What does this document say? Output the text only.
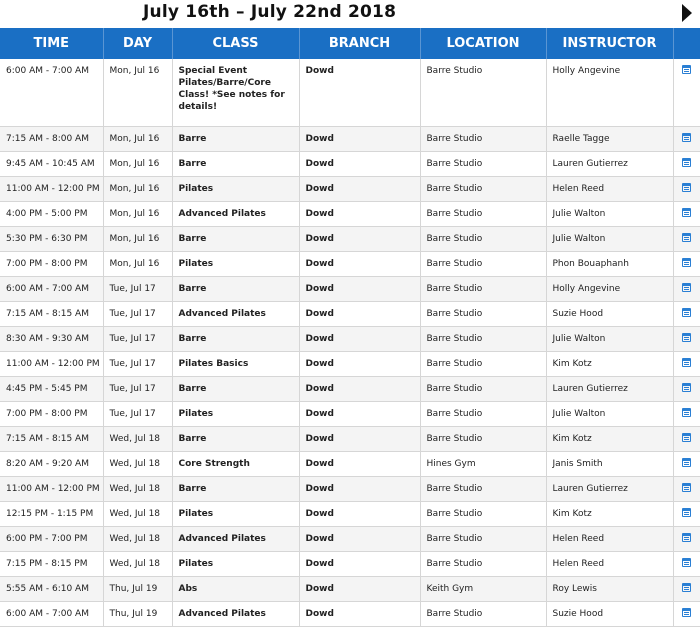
July 16th – July 22nd 2018
TIME	DAY	CLASS	BRANCH	LOCATION	INSTRUCTOR	
6:00 AM - 7:00 AM	Mon, Jul 16	Special Event Pilates/Barre/Core Class! *See notes for details!	Dowd	Barre Studio	Holly Angevine	
7:15 AM - 8:00 AM	Mon, Jul 16	Barre	Dowd	Barre Studio	Raelle Tagge	
9:45 AM - 10:45 AM	Mon, Jul 16	Barre	Dowd	Barre Studio	Lauren Gutierrez	
11:00 AM - 12:00 PM	Mon, Jul 16	Pilates	Dowd	Barre Studio	Helen Reed	
4:00 PM - 5:00 PM	Mon, Jul 16	Advanced Pilates	Dowd	Barre Studio	Julie Walton	
5:30 PM - 6:30 PM	Mon, Jul 16	Barre	Dowd	Barre Studio	Julie Walton	
7:00 PM - 8:00 PM	Mon, Jul 16	Pilates	Dowd	Barre Studio	Phon Bouaphanh	
6:00 AM - 7:00 AM	Tue, Jul 17	Barre	Dowd	Barre Studio	Holly Angevine	
7:15 AM - 8:15 AM	Tue, Jul 17	Advanced Pilates	Dowd	Barre Studio	Suzie Hood	
8:30 AM - 9:30 AM	Tue, Jul 17	Barre	Dowd	Barre Studio	Julie Walton	
11:00 AM - 12:00 PM	Tue, Jul 17	Pilates Basics	Dowd	Barre Studio	Kim Kotz	
4:45 PM - 5:45 PM	Tue, Jul 17	Barre	Dowd	Barre Studio	Lauren Gutierrez	
7:00 PM - 8:00 PM	Tue, Jul 17	Pilates	Dowd	Barre Studio	Julie Walton	
7:15 AM - 8:15 AM	Wed, Jul 18	Barre	Dowd	Barre Studio	Kim Kotz	
8:20 AM - 9:20 AM	Wed, Jul 18	Core Strength	Dowd	Hines Gym	Janis Smith	
11:00 AM - 12:00 PM	Wed, Jul 18	Barre	Dowd	Barre Studio	Lauren Gutierrez	
12:15 PM - 1:15 PM	Wed, Jul 18	Pilates	Dowd	Barre Studio	Kim Kotz	
6:00 PM - 7:00 PM	Wed, Jul 18	Advanced Pilates	Dowd	Barre Studio	Helen Reed	
7:15 PM - 8:15 PM	Wed, Jul 18	Pilates	Dowd	Barre Studio	Helen Reed	
5:55 AM - 6:10 AM	Thu, Jul 19	Abs	Dowd	Keith Gym	Roy Lewis	
6:00 AM - 7:00 AM	Thu, Jul 19	Advanced Pilates	Dowd	Barre Studio	Suzie Hood	
